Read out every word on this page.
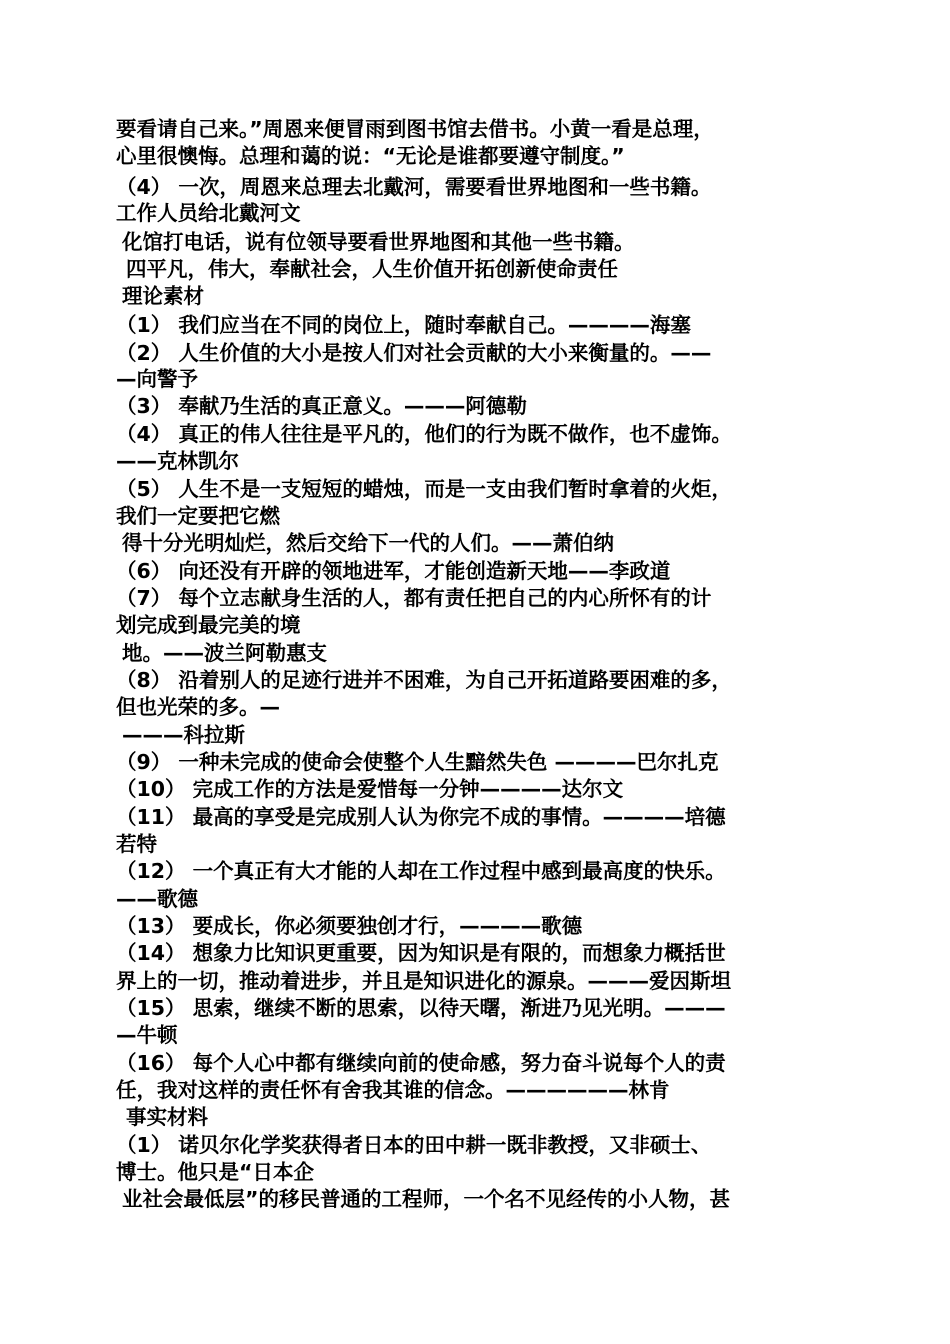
要看请自己来。”周恩来便冒雨到图书馆去借书。小黄一看是总理，
心里很懊悔。总理和蔼的说：“无论是谁都要遵守制度。”
（4） 一次，周恩来总理去北戴河，需要看世界地图和一些书籍。
工作人员给北戴河文
化馆打电话，说有位领导要看世界地图和其他一些书籍。
四平凡，伟大，奉献社会，人生价值开拓创新使命责任
理论素材
（1） 我们应当在不同的岗位上，随时奉献自己。————海塞
（2） 人生价值的大小是按人们对社会贡献的大小来衡量的。——
—向警予
（3） 奉献乃生活的真正意义。———阿德勒
（4） 真正的伟人往往是平凡的，他们的行为既不做作，也不虚饰。
——克林凯尔
（5） 人生不是一支短短的蜡烛，而是一支由我们暂时拿着的火炬，
我们一定要把它燃
得十分光明灿烂，然后交给下一代的人们。——萧伯纳
（6） 向还没有开辟的领地进军，才能创造新天地——李政道
（7） 每个立志献身生活的人，都有责任把自己的内心所怀有的计
划完成到最完美的境
地。——波兰阿勒惠支
（8） 沿着别人的足迹行进并不困难，为自己开拓道路要困难的多，
但也光荣的多。—
———科拉斯
（9） 一种未完成的使命会使整个人生黯然失色 ————巴尔扎克
（10） 完成工作的方法是爱惜每一分钟————达尔文
（11） 最高的享受是完成别人认为你完不成的事情。————培德
若特
（12） 一个真正有大才能的人却在工作过程中感到最高度的快乐。
——歌德
（13） 要成长，你必须要独创才行，————歌德
（14） 想象力比知识更重要，因为知识是有限的，而想象力概括世
界上的一切，推动着进步，并且是知识进化的源泉。———爱因斯坦
（15） 思索，继续不断的思索，以待天曙，渐进乃见光明。———
—牛顿
（16） 每个人心中都有继续向前的使命感，努力奋斗说每个人的责
任，我对这样的责任怀有舍我其谁的信念。——————林肯
事实材料
（1） 诺贝尔化学奖获得者日本的田中耕一既非教授，又非硕士、
博士。他只是“日本企
业社会最低层”的移民普通的工程师，一个名不见经传的小人物，甚
